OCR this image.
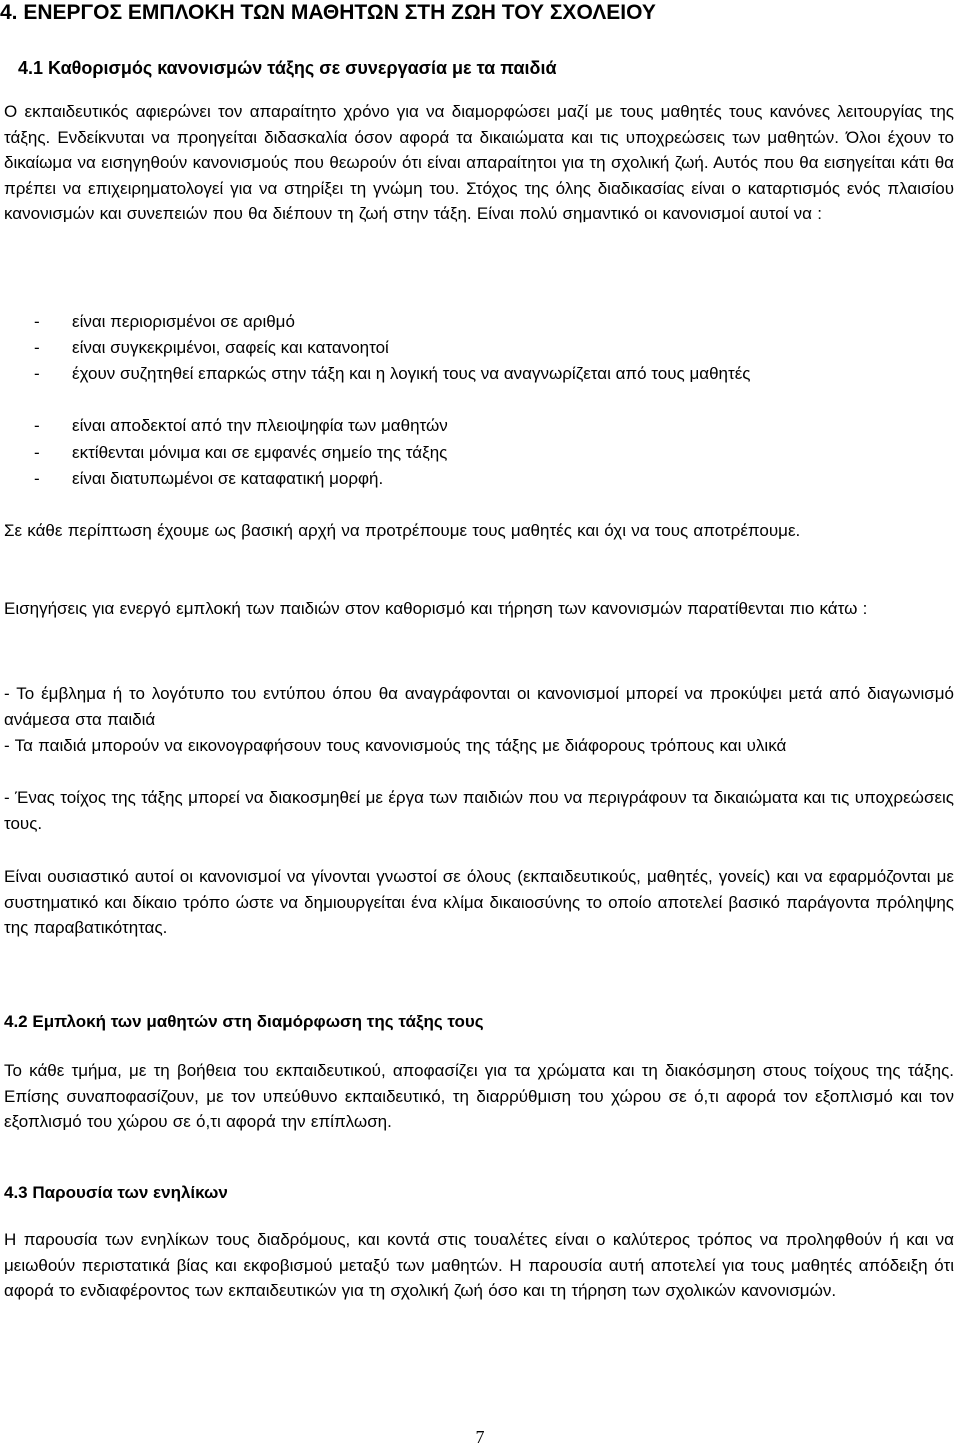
4. ΕΝΕΡΓΟΣ ΕΜΠΛΟΚΗ ΤΩΝ ΜΑΘΗΤΩΝ ΣΤΗ ΖΩΗ ΤΟΥ ΣΧΟΛΕΙΟΥ
4.1 Καθορισμός κανονισμών τάξης σε συνεργασία με τα παιδιά

Ο εκπαιδευτικός αφιερώνει τον απαραίτητο χρόνο για να διαμορφώσει μαζί με τους μαθητές τους κανόνες λειτουργίας της τάξης. Ενδείκνυται να προηγείται διδασκαλία όσον αφορά τα δικαιώματα και τις υποχρεώσεις των μαθητών. Όλοι έχουν το δικαίωμα να εισηγηθούν κανονισμούς που θεωρούν ότι είναι απαραίτητοι για τη σχολική ζωή. Αυτός που θα εισηγείται κάτι θα πρέπει να επιχειρηματολογεί για να στηρίξει τη γνώμη του. Στόχος της όλης διαδικασίας είναι ο καταρτισμός ενός πλαισίου κανονισμών και συνεπειών που θα διέπουν τη ζωή στην τάξη. Είναι πολύ σημαντικό οι κανονισμοί αυτοί να :

- είναι περιορισμένοι σε αριθμό

- είναι συγκεκριμένοι, σαφείς και κατανοητοί

- έχουν συζητηθεί επαρκώς στην τάξη και η λογική τους να αναγνωρίζεται από τους μαθητές

- είναι αποδεκτοί από την πλειοψηφία των μαθητών

- εκτίθενται μόνιμα και σε εμφανές σημείο της τάξης

- είναι διατυπωμένοι σε καταφατική μορφή.

Σε κάθε περίπτωση έχουμε ως βασική αρχή να προτρέπουμε τους μαθητές και όχι να τους αποτρέπουμε.

Εισηγήσεις για ενεργό εμπλοκή των παιδιών στον καθορισμό και τήρηση των κανονισμών παρατίθενται πιο κάτω :

- Το έμβλημα ή το λογότυπο του εντύπου όπου θα αναγράφονται οι κανονισμοί μπορεί να προκύψει μετά από διαγωνισμό ανάμεσα στα παιδιά

- Τα παιδιά μπορούν να εικονογραφήσουν τους κανονισμούς της τάξης με διάφορους τρόπους και υλικά

- Ένας τοίχος της τάξης μπορεί να διακοσμηθεί με έργα των παιδιών που να περιγράφουν τα δικαιώματα και τις υποχρεώσεις τους.

Είναι ουσιαστικό αυτοί οι κανονισμοί να γίνονται γνωστοί σε όλους (εκπαιδευτικούς, μαθητές, γονείς) και να εφαρμόζονται με συστηματικό και δίκαιο τρόπο ώστε να δημιουργείται ένα κλίμα δικαιοσύνης το οποίο αποτελεί βασικό παράγοντα πρόληψης της παραβατικότητας.

4.2 Εμπλοκή των μαθητών στη διαμόρφωση της τάξης τους

Το κάθε τμήμα, με τη βοήθεια του εκπαιδευτικού, αποφασίζει για τα χρώματα και τη διακόσμηση στους τοίχους της τάξης. Επίσης συναποφασίζουν, με τον υπεύθυνο εκπαιδευτικό, τη διαρρύθμιση του χώρου σε ό,τι αφορά τον εξοπλισμό και τον εξοπλισμό του χώρου σε ό,τι αφορά την επίπλωση.

4.3 Παρουσία των ενηλίκων

Η παρουσία των ενηλίκων τους διαδρόμους, και κοντά στις τουαλέτες είναι ο καλύτερος τρόπος να προληφθούν ή και να μειωθούν περιστατικά βίας και εκφοβισμού μεταξύ των μαθητών. Η παρουσία αυτή αποτελεί για τους μαθητές απόδειξη ότι αφορά το ενδιαφέροντος των εκπαιδευτικών για τη σχολική ζωή όσο και τη τήρηση των σχολικών κανονισμών.

7
